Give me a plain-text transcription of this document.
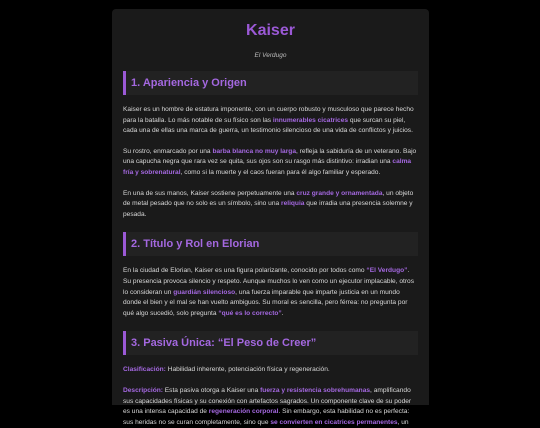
Kaiser
El Verdugo
1. Apariencia y Origen

Kaiser es un hombre de estatura imponente, con un cuerpo robusto y musculoso que parece hecho para la batalla. Lo más notable de su físico son las innumerables cicatrices que surcan su piel, cada una de ellas una marca de guerra, un testimonio silencioso de una vida de conflictos y juicios.

Su rostro, enmarcado por una barba blanca no muy larga, refleja la sabiduría de un veterano. Bajo una capucha negra que rara vez se quita, sus ojos son su rasgo más distintivo: irradian una calma fría y sobrenatural, como si la muerte y el caos fueran para él algo familiar y esperado.

En una de sus manos, Kaiser sostiene perpetuamente una cruz grande y ornamentada, un objeto de metal pesado que no solo es un símbolo, sino una reliquia que irradia una presencia solemne y pesada.

2. Título y Rol en Elorian

En la ciudad de Elorian, Kaiser es una figura polarizante, conocido por todos como “El Verdugo”. Su presencia provoca silencio y respeto. Aunque muchos lo ven como un ejecutor implacable, otros lo consideran un guardián silencioso, una fuerza imparable que imparte justicia en un mundo donde el bien y el mal se han vuelto ambiguos. Su moral es sencilla, pero férrea: no pregunta por qué algo sucedió, solo pregunta “qué es lo correcto”.

3. Pasiva Única: “El Peso de Creer”

Clasificación: Habilidad inherente, potenciación física y regeneración.

Descripción: Esta pasiva otorga a Kaiser una fuerza y resistencia sobrehumanas, amplificando sus capacidades físicas y su conexión con artefactos sagrados. Un componente clave de su poder es una intensa capacidad de regeneración corporal. Sin embargo, esta habilidad no es perfecta: sus heridas no se curan completamente, sino que se convierten en cicatrices permanentes, un
